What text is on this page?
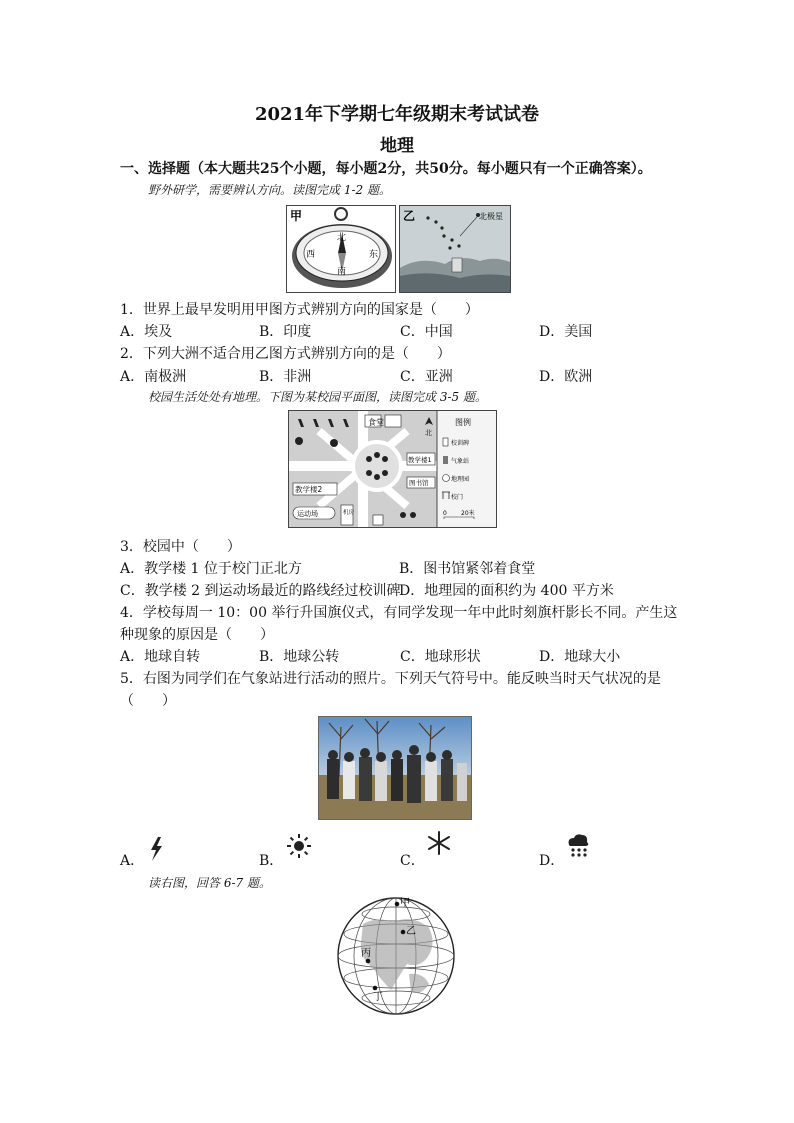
2021年下学期七年级期末考试试卷
地理
一、选择题（本大题共25个小题，每小题2分，共50分。每小题只有一个正确答案）。
野外研学，需要辨认方向。读图完成 1-2 题。
甲
北
南
东
西
乙	北极星
1．世界上最早发明用甲图方式辨别方向的国家是（　　）
A．埃及	B．印度	C．中国	D．美国
2．下列大洲不适合用乙图方式辨别方向的是（　　）
A．南极洲	B．非洲	C．亚洲	D．欧洲
校园生活处处有地理。下图为某校园平面图，读图完成 3-5 题。
食堂
北
教学楼2
教学楼1
图书馆
运动场	机房
图例
校训碑
气象站
地理园
校门
0 20米
3．校园中（　　）
A．教学楼 1 位于校门正北方	B．图书馆紧邻着食堂
C．教学楼 2 到运动场最近的路线经过校训碑
D．地理园的面积约为 400 平方米
4．学校每周一 10：00 举行升国旗仪式，有同学发现一年中此时刻旗杆影长不同。产生这
种现象的原因是（　　）
A．地球自转	B．地球公转	C．地球形状	D．地球大小
5．右图为同学们在气象站进行活动的照片。下列天气符号中。能反映当时天气状况的是
（　　）
A．	B．	C．	D．
读右图，回答 6-7 题。
甲
乙
丙
丁
